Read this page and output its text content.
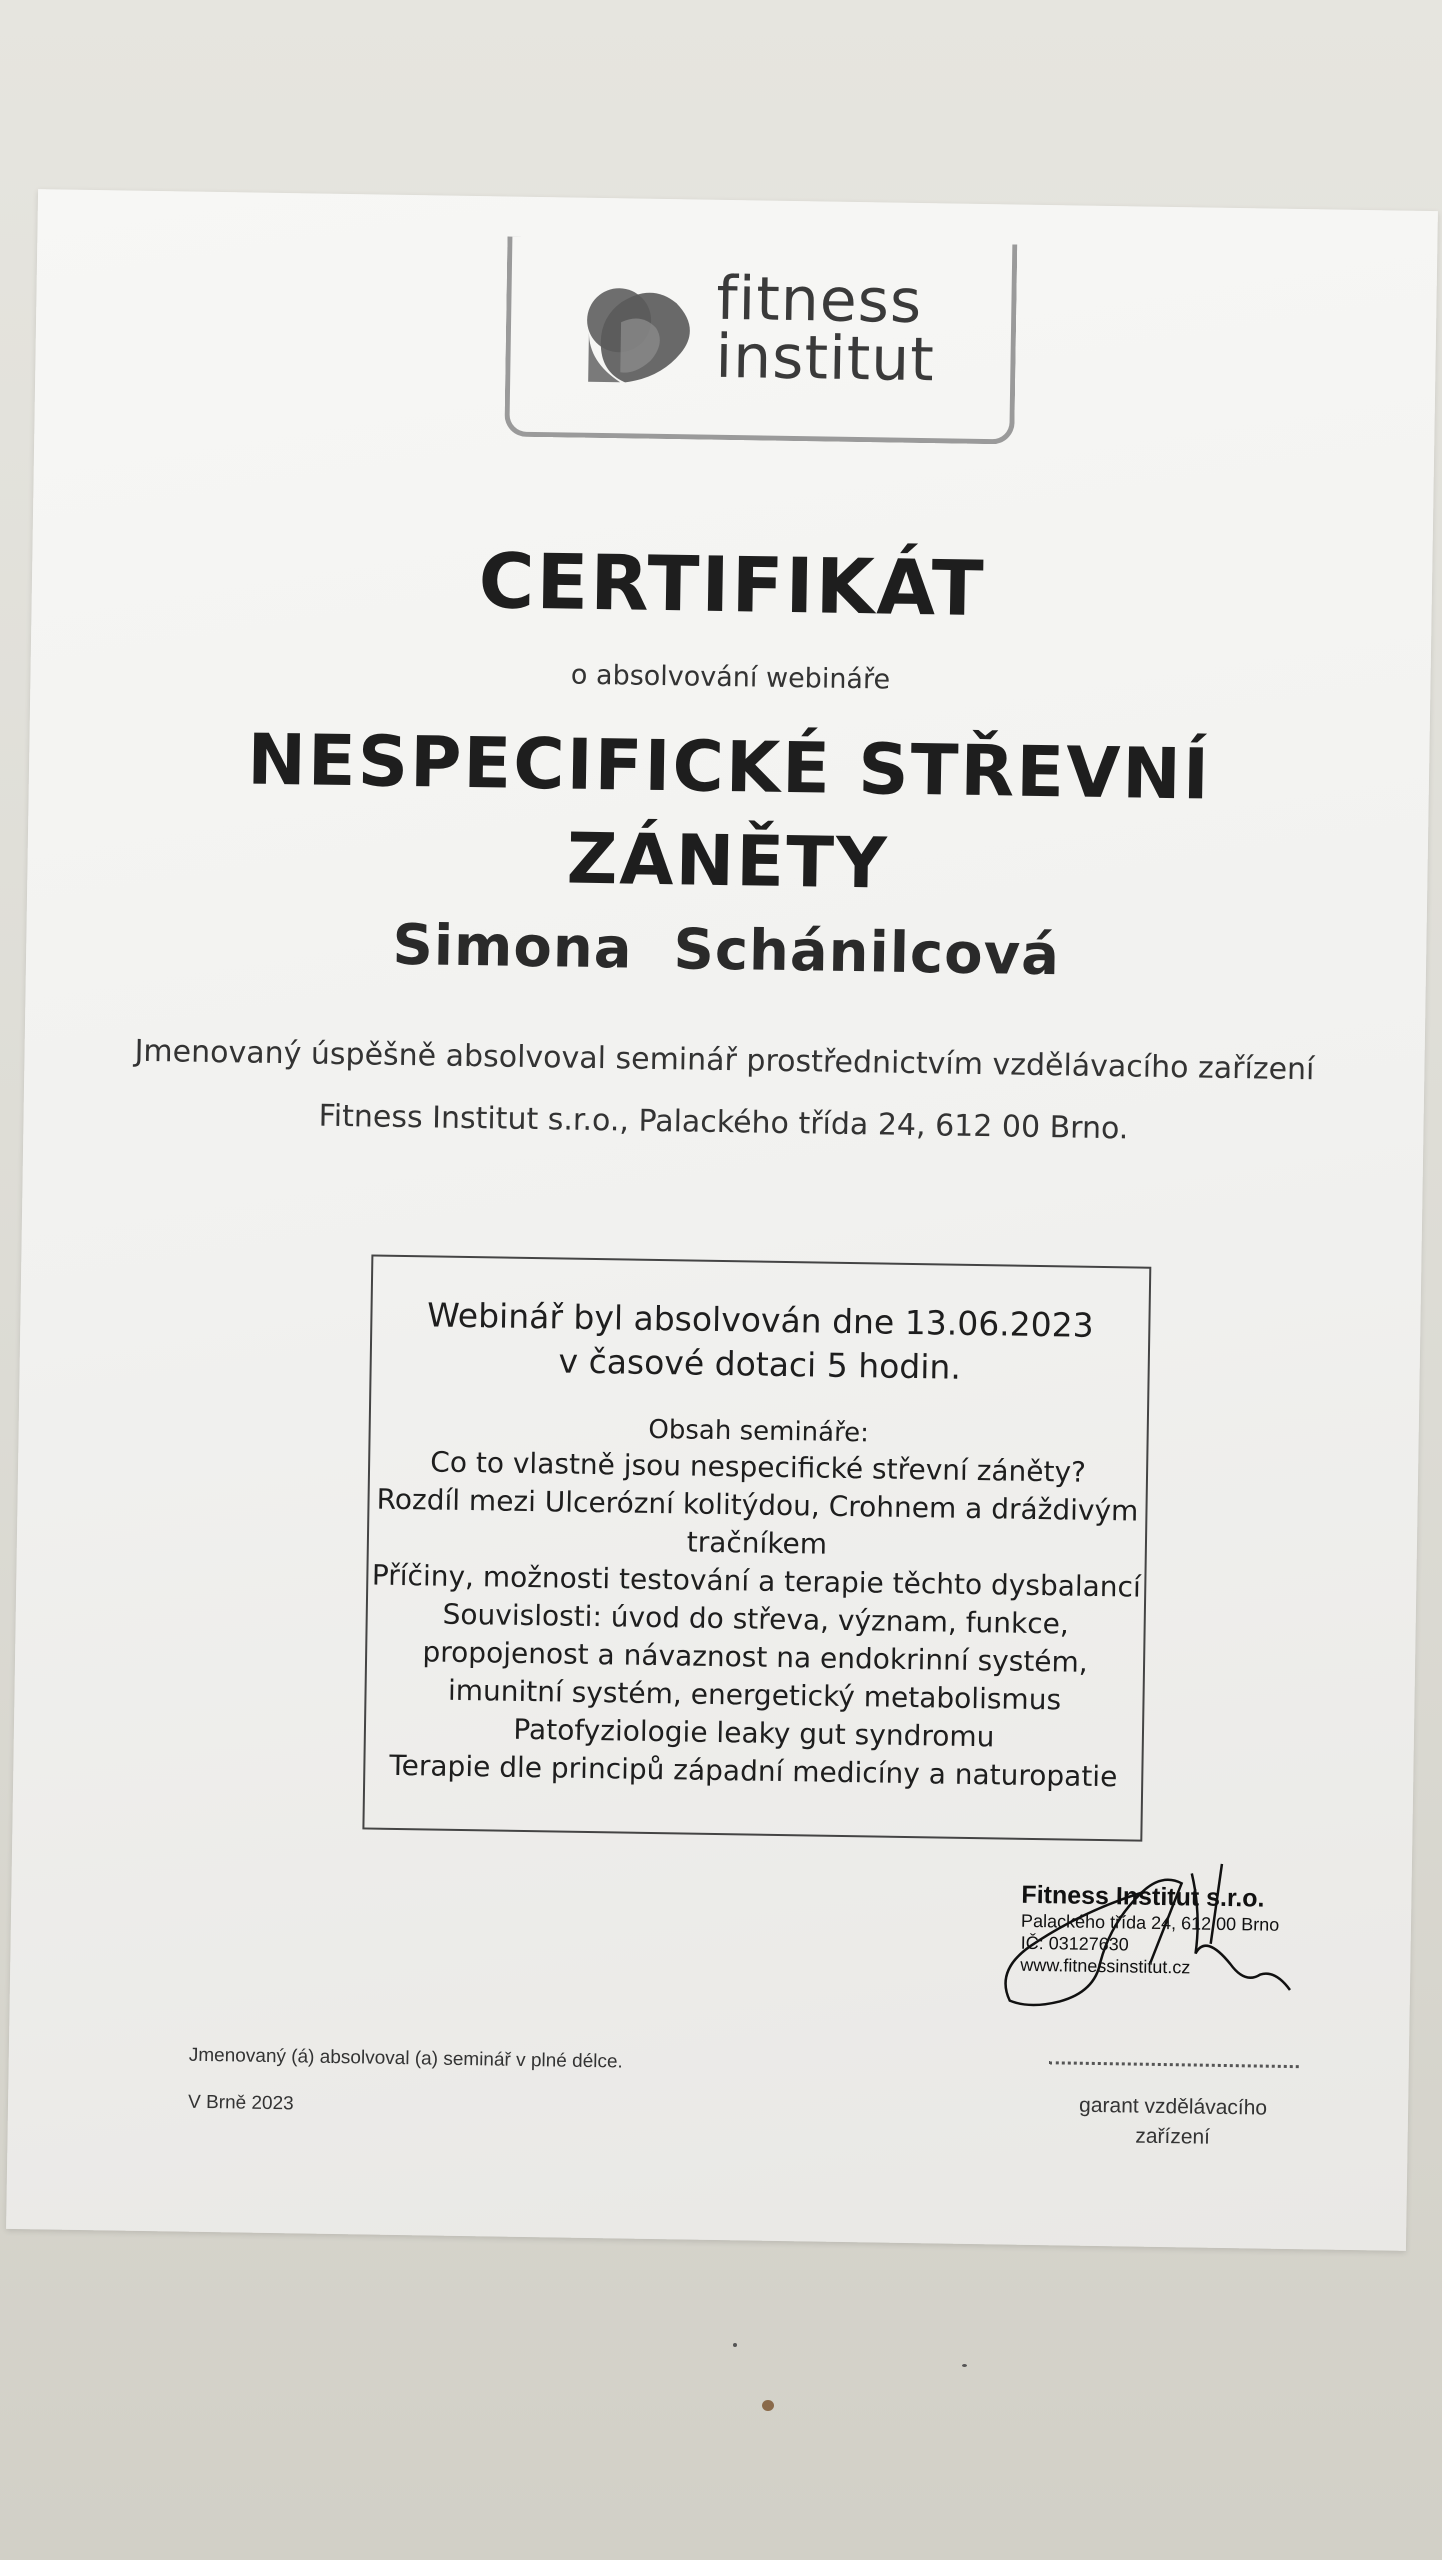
fitness
institut
CERTIFIKÁT
o absolvování webináře
NESPECIFICKÉ STŘEVNÍ
ZÁNĚTY
Simona  Schánilcová
Jmenovaný úspěšně absolvoval seminář prostřednictvím vzdělávacího zařízení
Fitness Institut s.r.o., Palackého třída 24, 612 00 Brno.
Webinář byl absolvován dne 13.06.2023
v časové dotaci 5 hodin.
Obsah semináře:
Co to vlastně jsou nespecifické střevní záněty?
Rozdíl mezi Ulcerózní kolitýdou, Crohnem a dráždivým
tračníkem
Příčiny, možnosti testování a terapie těchto dysbalancí
Souvislosti: úvod do střeva, význam, funkce,
propojenost a návaznost na endokrinní systém,
imunitní systém, energetický metabolismus
Patofyziologie leaky gut syndromu
Terapie dle principů západní medicíny a naturopatie
Fitness Institut s.r.o.
Palackého třída 24, 612 00 Brno
IČ: 03127630
www.fitnessinstitut.cz
Jmenovaný (á) absolvoval (a) seminář v plné délce.
V Brně 2023	garant vzdělávacího
zařízení
